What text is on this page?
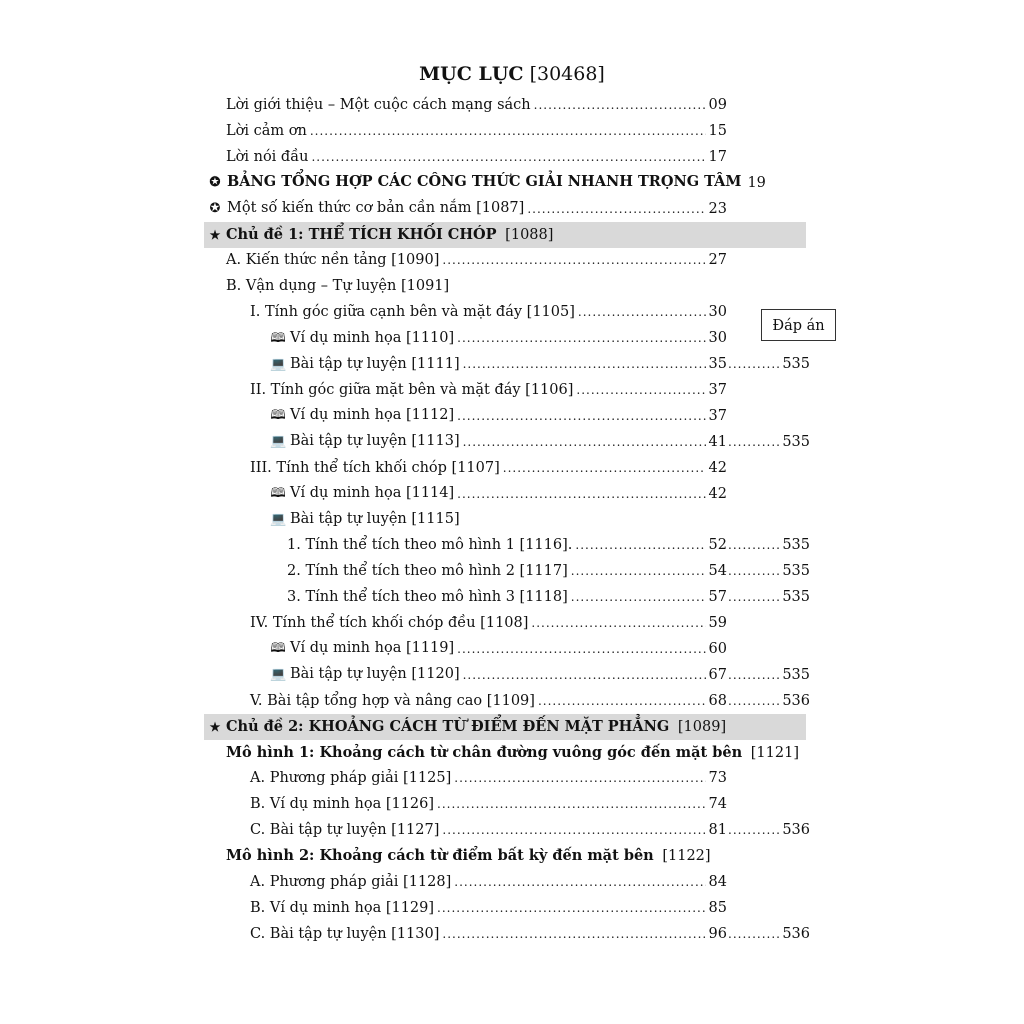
MỤC LỤC [30468]
Đáp án
Lời giới thiệu – Một cuộc cách mạng sách .....	09
Lời cảm ơn .....	15
Lời nói đầu .....	17
✪ BẢNG TỔNG HỢP CÁC CÔNG THỨC GIẢI NHANH TRỌNG TÂM 19
✪ Một số kiến thức cơ bản cần nắm [1087] .....	23
★ Chủ đề 1: THỂ TÍCH KHỐI CHÓP [1088]
A. Kiến thức nền tảng [1090] .....	27
B. Vận dụng – Tự luyện [1091]
I. Tính góc giữa cạnh bên và mặt đáy [1105] .....	30
🕮 Ví dụ minh họa [1110] .....	30
💻 Bài tập tự luyện [1111] .....	35 .....	535
II. Tính góc giữa mặt bên và mặt đáy [1106] .....	37
🕮 Ví dụ minh họa [1112] .....	37
💻 Bài tập tự luyện [1113] .....	41 .....	535
III. Tính thể tích khối chóp [1107] .....	42
🕮 Ví dụ minh họa [1114] .....	42
💻 Bài tập tự luyện [1115]
1. Tính thể tích theo mô hình 1 [1116]. .....	52 .....	535
2. Tính thể tích theo mô hình 2 [1117] .....	54 .....	535
3. Tính thể tích theo mô hình 3 [1118] .....	57 .....	535
IV. Tính thể tích khối chóp đều [1108] .....	59
🕮 Ví dụ minh họa [1119] .....	60
💻 Bài tập tự luyện [1120] .....	67 .....	535
V. Bài tập tổng hợp và nâng cao [1109] .....	68 .....	536
★ Chủ đề 2: KHOẢNG CÁCH TỪ ĐIỂM ĐẾN MẶT PHẲNG [1089]
Mô hình 1: Khoảng cách từ chân đường vuông góc đến mặt bên [1121]
A. Phương pháp giải [1125] .....	73
B. Ví dụ minh họa [1126] .....	74
C. Bài tập tự luyện [1127] .....	81 .....	536
Mô hình 2: Khoảng cách từ điểm bất kỳ đến mặt bên [1122]
A. Phương pháp giải [1128] .....	84
B. Ví dụ minh họa [1129] .....	85
C. Bài tập tự luyện [1130] .....	96 .....	536
